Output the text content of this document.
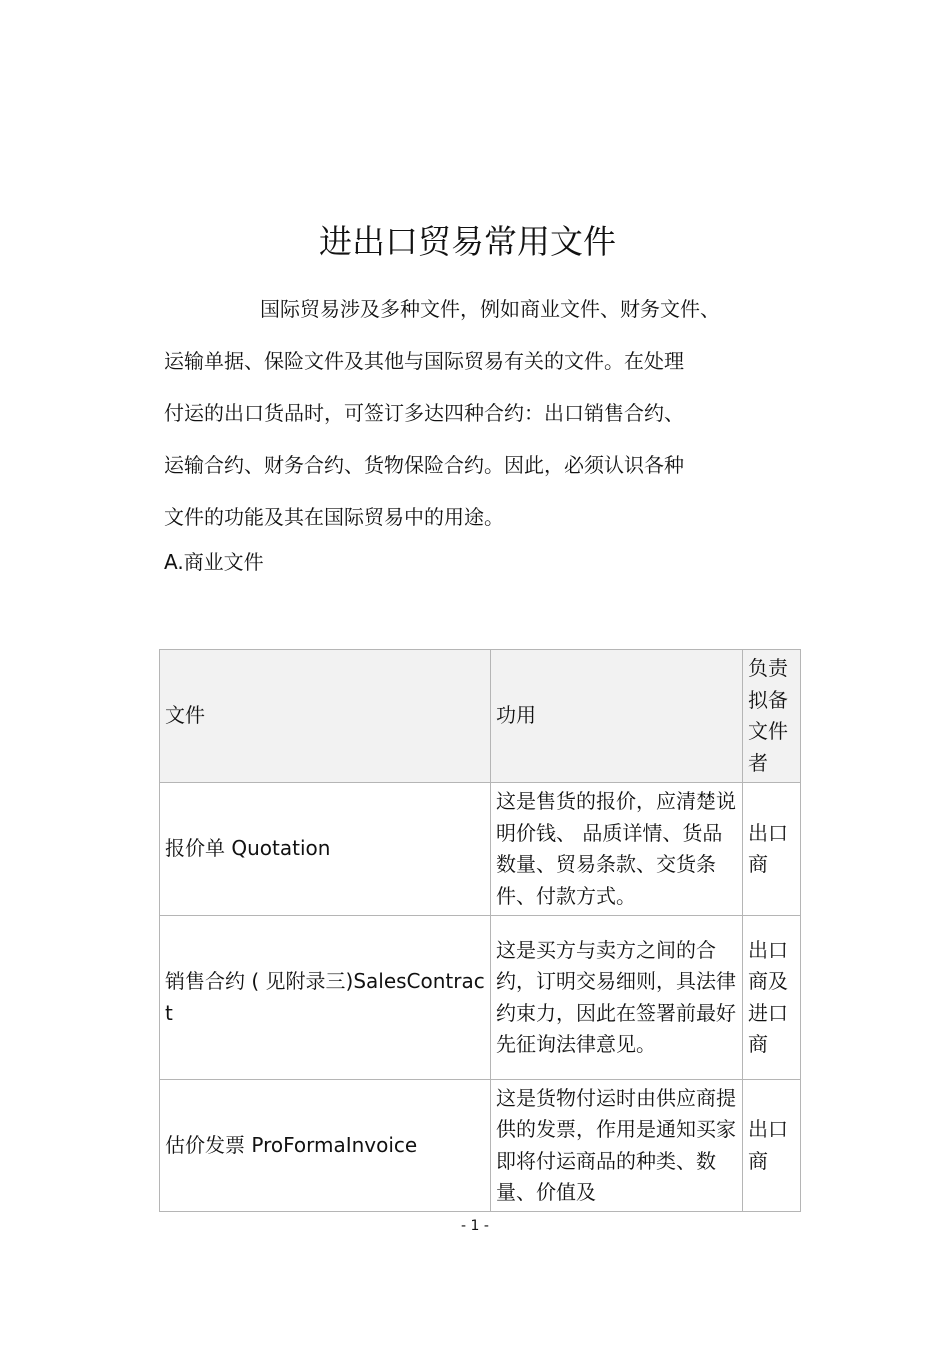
进出口贸易常用文件

国际贸易涉及多种文件，例如商业文件、财务文件、
运输单据、保险文件及其他与国际贸易有关的文件。在处理
付运的出口货品时，可签订多达四种合约：出口销售合约、
运输合约、财务合约、货物保险合约。因此，必须认识各种
文件的功能及其在国际贸易中的用途。

A.商业文件
文件	功用	负责拟备文件者
报价单 Quotation	这是售货的报价，应清楚说明价钱、 品质详情、货品数量、贸易条款、交货条件、付款方式。	出口商
销售合约 ( 见附录三)SalesContract	这是买方与卖方之间的合约，订明交易细则，具法律约束力，因此在签署前最好先征询法律意见。	出口商及进口商
估价发票 ProFormaInvoice	这是货物付运时由供应商提供的发票，作用是通知买家即将付运商品的种类、数量、价值及	出口商
- 1 -
